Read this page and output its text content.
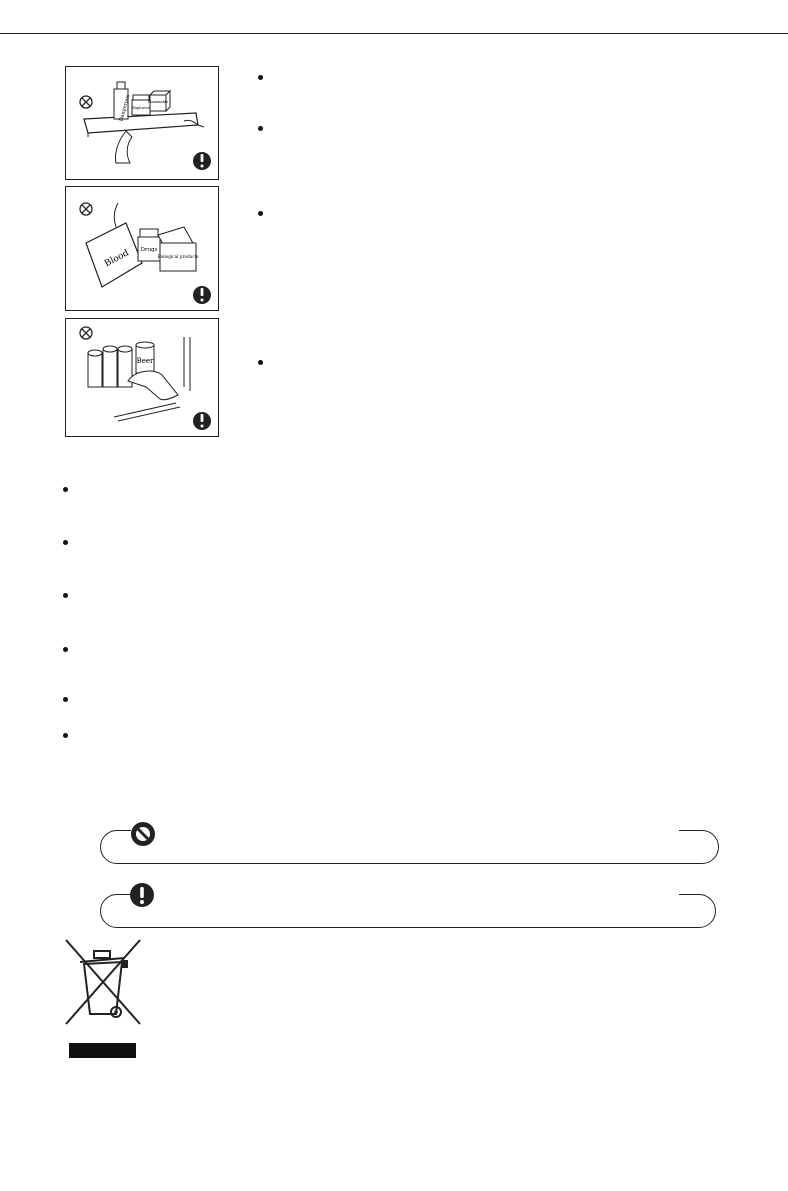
Dangerous Explosive
Flammable
Blood Drugs
Biological products
Beer
